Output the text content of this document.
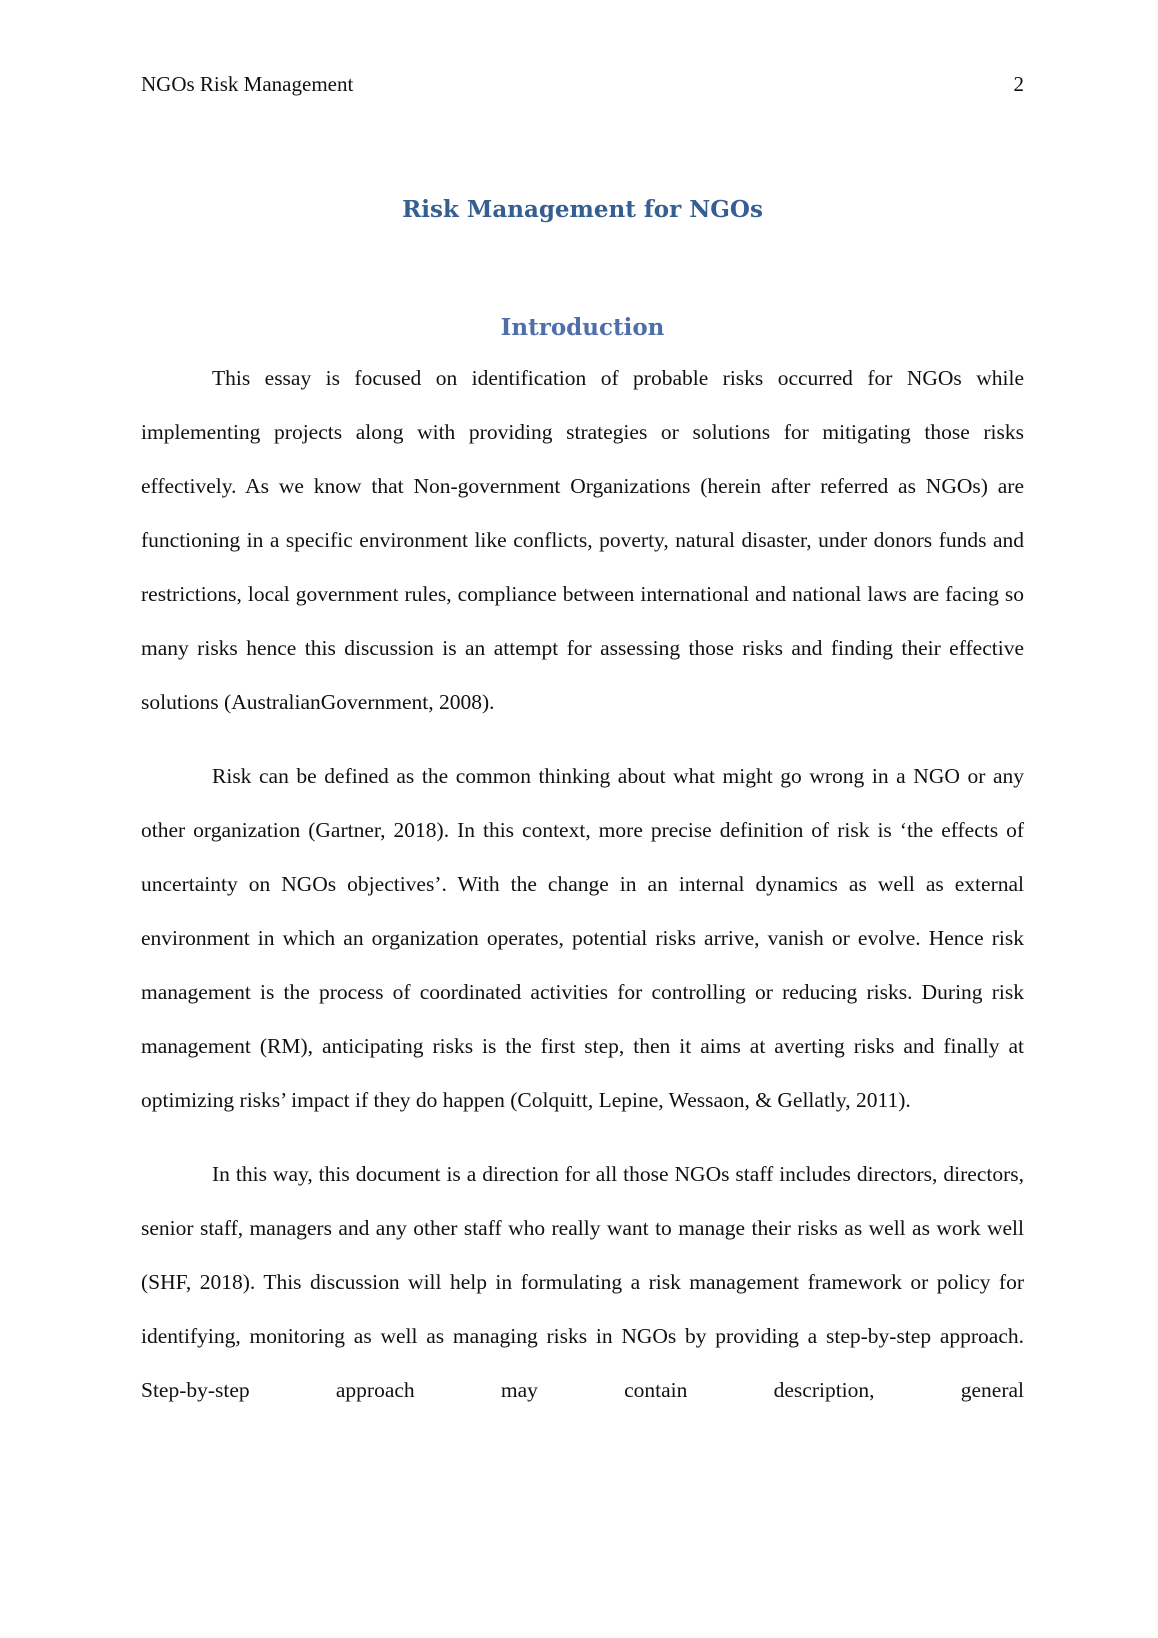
NGOs Risk Management	2
Risk Management for NGOs
Introduction

This essay is focused on identification of probable risks occurred for NGOs while implementing projects along with providing strategies or solutions for mitigating those risks effectively. As we know that Non-government Organizations (herein after referred as NGOs) are functioning in a specific environment like conflicts, poverty, natural disaster, under donors funds and restrictions, local government rules, compliance between international and national laws are facing so many risks hence this discussion is an attempt for assessing those risks and finding their effective solutions (AustralianGovernment, 2008).

Risk can be defined as the common thinking about what might go wrong in a NGO or any other organization (Gartner, 2018). In this context, more precise definition of risk is ‘the effects of uncertainty on NGOs objectives’. With the change in an internal dynamics as well as external environment in which an organization operates, potential risks arrive, vanish or evolve. Hence risk management is the process of coordinated activities for controlling or reducing risks. During risk management (RM), anticipating risks is the first step, then it aims at averting risks and finally at optimizing risks’ impact if they do happen (Colquitt, Lepine, Wessaon, & Gellatly, 2011).

In this way, this document is a direction for all those NGOs staff includes directors, directors, senior staff, managers and any other staff who really want to manage their risks as well as work well (SHF, 2018). This discussion will help in formulating a risk management framework or policy for identifying, monitoring as well as managing risks in NGOs by providing a step-by-step approach. Step-by-step approach may contain description, general
